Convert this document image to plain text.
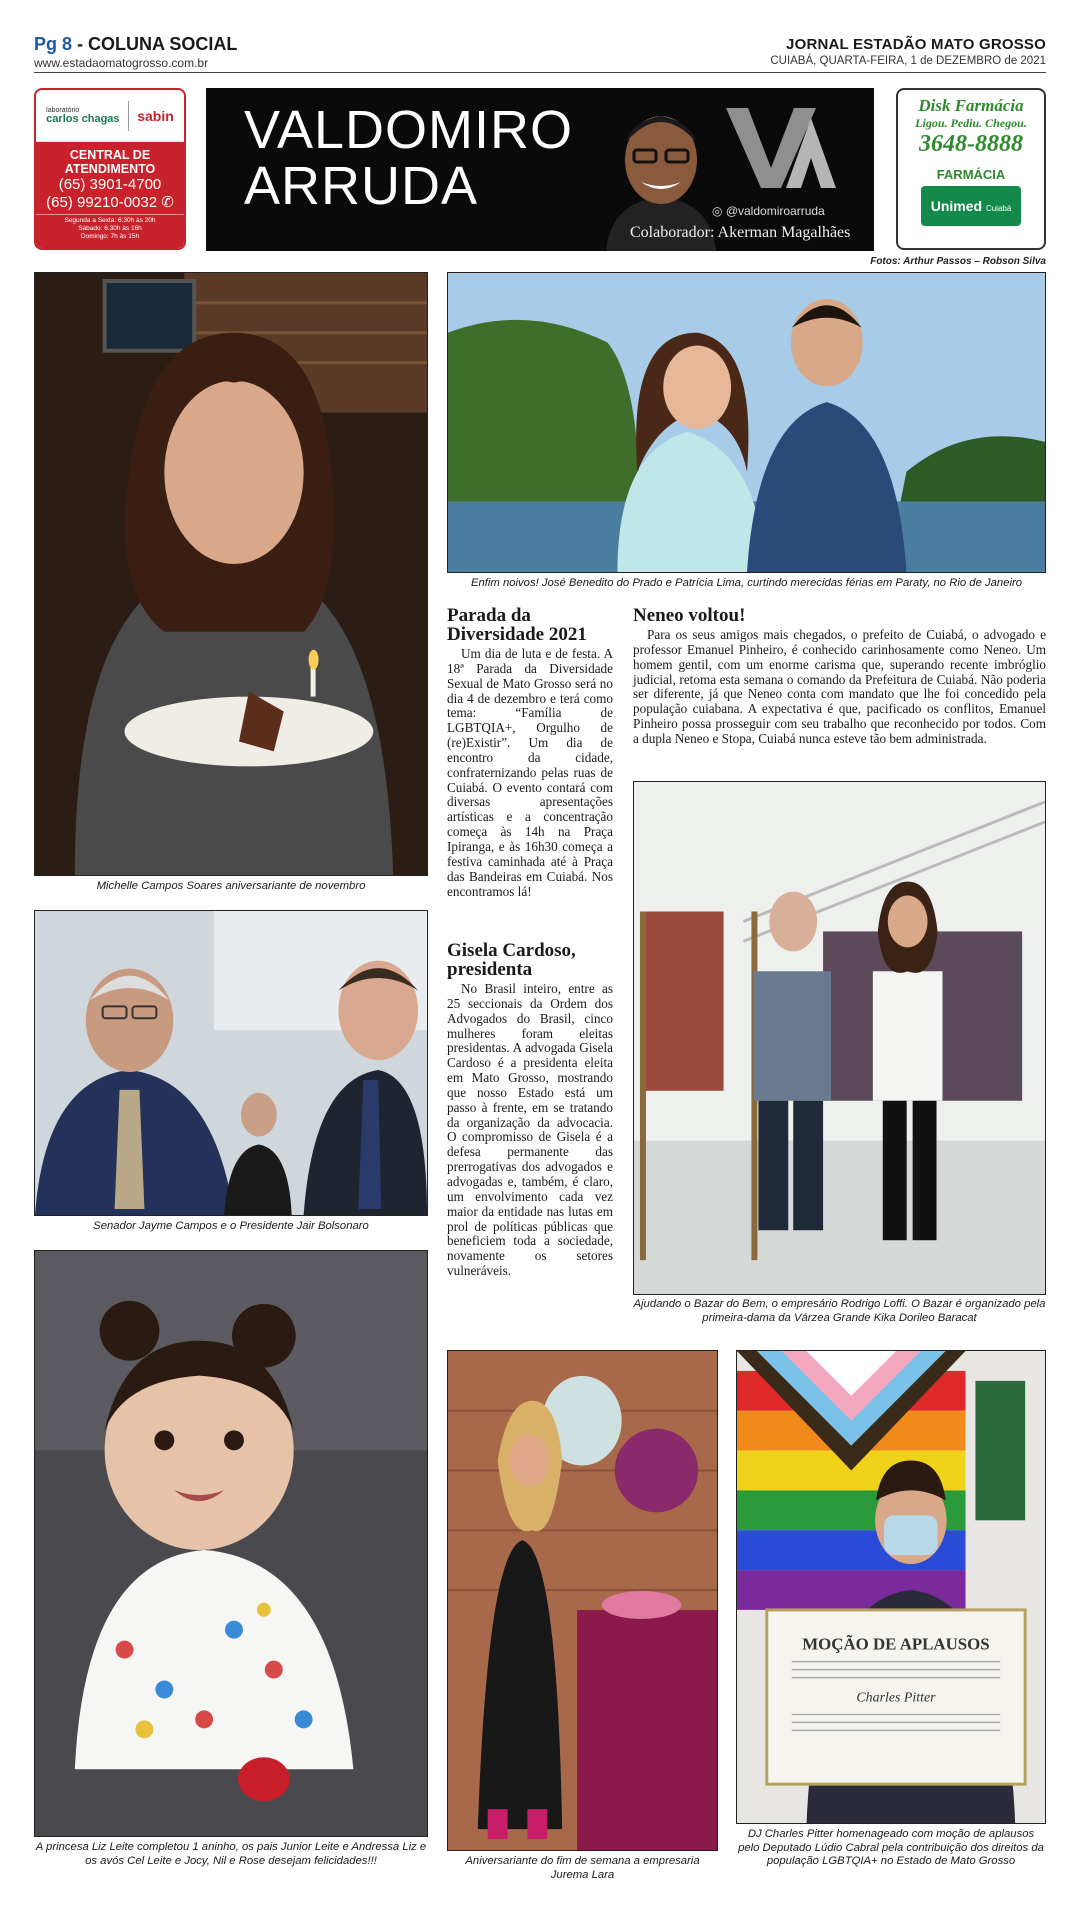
Pg 8 - COLUNA SOCIAL
www.estadaomatogrosso.com.br
JORNAL ESTADÃO MATO GROSSO
CUIABÁ, QUARTA-FEIRA, 1 de DEZEMBRO de 2021
laboratório
carlos chagas sabin
CENTRAL DE ATENDIMENTO
(65) 3901-4700
(65) 99210-0032 ✆
Segunda a Sexta: 6:30h às 20h
Sábado: 6:30h às 16h
Domingo: 7h às 15h
VALDOMIRO
ARRUDA	◎ @valdomiroarruda
Colaborador: Akerman Magalhães
Disk Farmácia
Ligou. Pediu. Chegou.
3648-8888
FARMÁCIA
Unimed Cuiabá
Fotos: Arthur Passos – Robson Silva
Michelle Campos Soares aniversariante de novembro
Enfim noivos! José Benedito do Prado e Patrícia Lima, curtindo merecidas férias em Paraty, no Rio de Janeiro
Parada da Diversidade 2021

Um dia de luta e de festa. A 18ª Parada da Diversidade Sexual de Mato Grosso será no dia 4 de dezembro e terá como tema: “Família de LGBTQIA+, Orgulho de (re)Existir”. Um dia de encontro da cidade, confraternizando pelas ruas de Cuiabá. O evento contará com diversas apresentações artísticas e a concentração começa às 14h na Praça Ipiranga, e às 16h30 começa a festiva caminhada até à Praça das Bandeiras em Cuiabá. Nos encontramos lá!

Gisela Cardoso, presidenta

No Brasil inteiro, entre as 25 seccionais da Ordem dos Advogados do Brasil, cinco mulheres foram eleitas presidentas. A advogada Gisela Cardoso é a presidenta eleita em Mato Grosso, mostrando que nosso Estado está um passo à frente, em se tratando da organização da advocacia. O compromisso de Gisela é a defesa permanente das prerrogativas dos advogados e advogadas e, também, é claro, um envolvimento cada vez maior da entidade nas lutas em prol de políticas públicas que beneficiem toda a sociedade, novamente os setores vulneráveis.

Neneo voltou!

Para os seus amigos mais chegados, o prefeito de Cuiabá, o advogado e professor Emanuel Pinheiro, é conhecido carinhosamente como Neneo. Um homem gentil, com um enorme carisma que, superando recente imbróglio judicial, retoma esta semana o comando da Prefeitura de Cuiabá. Não poderia ser diferente, já que Neneo conta com mandato que lhe foi concedido pela população cuiabana. A expectativa é que, pacificado os conflitos, Emanuel Pinheiro possa prosseguir com seu trabalho que reconhecido por todos. Com a dupla Neneo e Stopa, Cuiabá nunca esteve tão bem administrada.

Senador Jayme Campos e o Presidente Jair Bolsonaro
Ajudando o Bazar do Bem, o empresário Rodrigo Loffi. O Bazar é organizado pela primeira-dama da Várzea Grande Kika Dorileo Baracat
A princesa Liz Leite completou 1 aninho, os pais Junior Leite e Andressa Liz e os avós Cel Leite e Jocy, Nil e Rose desejam felicidades!!!	Aniversariante do fim de semana a empresaria Jurema Lara
MOÇÃO DE APLAUSOS
Charles Pitter
DJ Charles Pitter homenageado com moção de aplausos pelo Deputado Lúdio Cabral pela contribuição dos direitos da população LGBTQIA+ no Estado de Mato Grosso
